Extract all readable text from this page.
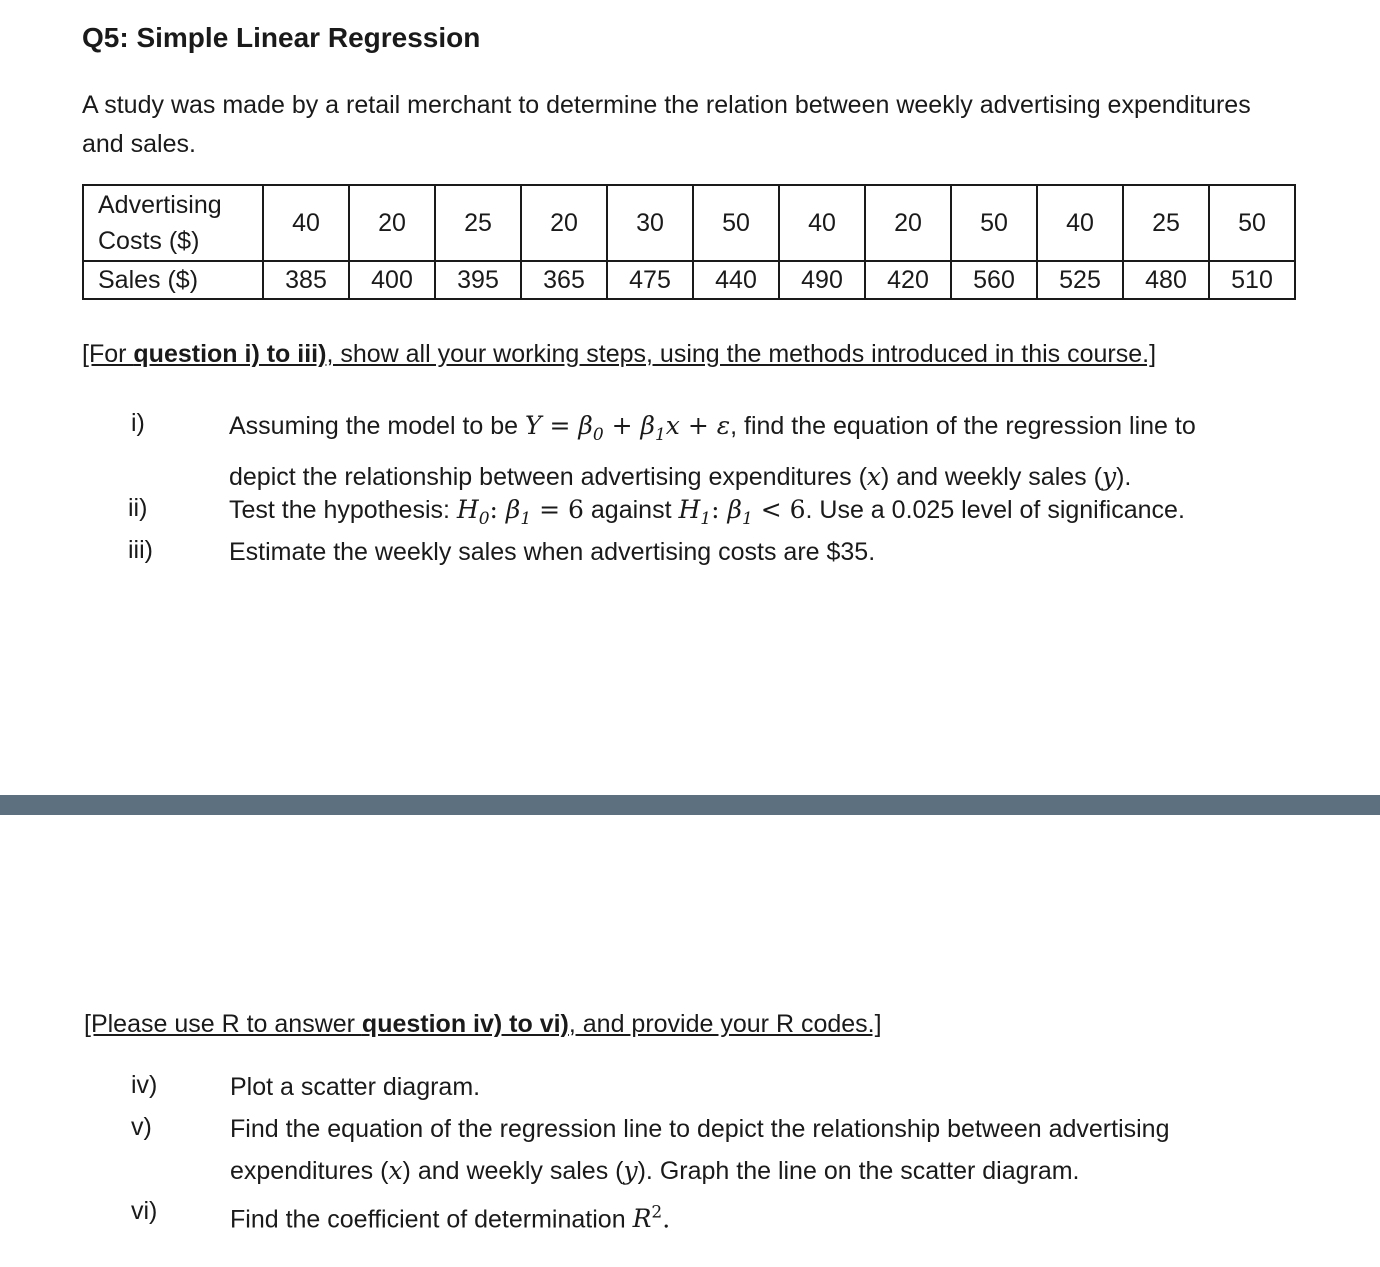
Q5: Simple Linear Regression
A study was made by a retail merchant to determine the relation between weekly advertising expenditures and sales.
Advertising
Costs ($)	40	20	25	20	30	50	40	20	50	40	25	50
Sales ($)	385	400	395	365	475	440	490	420	560	525	480	510
[For question i) to iii), show all your working steps, using the methods introduced in this course.]
i)	Assuming the model to be $Y = \beta_0 + \beta_1x + \varepsilon$, find the equation of the regression line to
depict the relationship between advertising expenditures (x) and weekly sales (y).
ii)	Test the hypothesis: $H_0$: $\beta_1 = 6$ against $H_1$: $\beta_1 < 6$. Use a 0.025 level of significance.
iii)	Estimate the weekly sales when advertising costs are $35.
[Please use R to answer question iv) to vi), and provide your R codes.]
iv)	Plot a scatter diagram.
v)	Find the equation of the regression line to depict the relationship between advertising
expenditures (x) and weekly sales (y). Graph the line on the scatter diagram.
vi)	Find the coefficient of determination $R^2$.
